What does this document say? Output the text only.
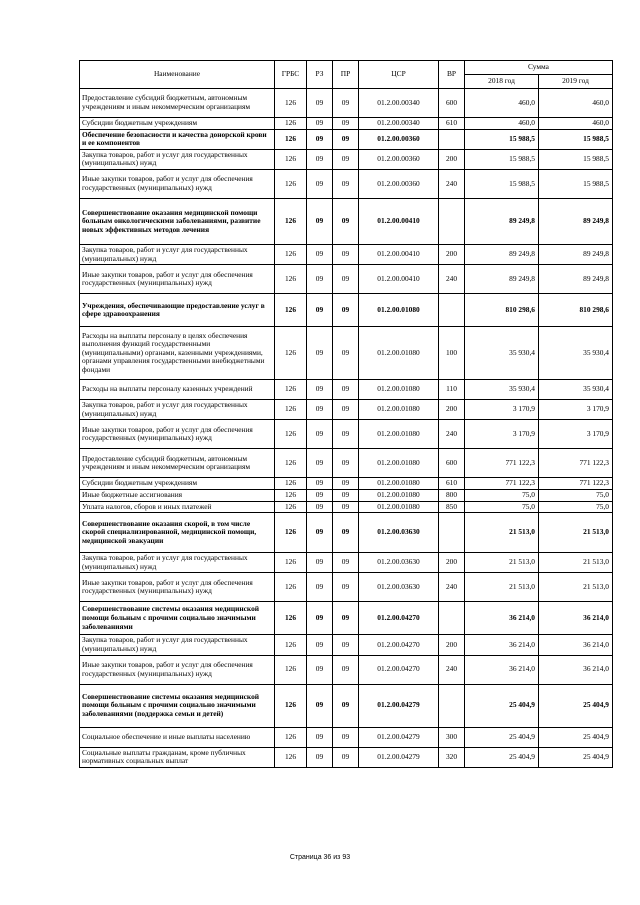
Наименование	ГРБС	РЗ	ПР	ЦСР	ВР	Сумма	
						2018 год	2019 год
Предоставление субсидий бюджетным, автономным учреждениям и иным некоммерческим организациям	126	09	09	01.2.00.00340	600	460,0	460,0
Субсидии бюджетным учреждениям	126	09	09	01.2.00.00340	610	460,0	460,0
Обеспечение безопасности и качества донорской крови и ее компонентов	126	09	09	01.2.00.00360		15 988,5	15 988,5
Закупка товаров, работ и услуг для государственных (муниципальных) нужд	126	09	09	01.2.00.00360	200	15 988,5	15 988,5
Иные закупки товаров, работ и услуг для обеспечения государственных (муниципальных) нужд	126	09	09	01.2.00.00360	240	15 988,5	15 988,5
Совершенствование оказания медицинской помощи больным онкологическими заболеваниями, развитие новых эффективных методов лечения	126	09	09	01.2.00.00410		89 249,8	89 249,8
Закупка товаров, работ и услуг для государственных (муниципальных) нужд	126	09	09	01.2.00.00410	200	89 249,8	89 249,8
Иные закупки товаров, работ и услуг для обеспечения государственных (муниципальных) нужд	126	09	09	01.2.00.00410	240	89 249,8	89 249,8
Учреждения, обеспечивающие предоставление услуг в сфере здравоохранения	126	09	09	01.2.00.01080		810 298,6	810 298,6
Расходы на выплаты персоналу в целях обеспечения выполнения функций государственными (муниципальными) органами, казенными учреждениями, органами управления государственными внебюджетными фондами	126	09	09	01.2.00.01080	100	35 930,4	35 930,4
Расходы на выплаты персоналу казенных учреждений	126	09	09	01.2.00.01080	110	35 930,4	35 930,4
Закупка товаров, работ и услуг для государственных (муниципальных) нужд	126	09	09	01.2.00.01080	200	3 170,9	3 170,9
Иные закупки товаров, работ и услуг для обеспечения государственных (муниципальных) нужд	126	09	09	01.2.00.01080	240	3 170,9	3 170,9
Предоставление субсидий бюджетным, автономным учреждениям и иным некоммерческим организациям	126	09	09	01.2.00.01080	600	771 122,3	771 122,3
Субсидии бюджетным учреждениям	126	09	09	01.2.00.01080	610	771 122,3	771 122,3
Иные бюджетные ассигнования	126	09	09	01.2.00.01080	800	75,0	75,0
Уплата налогов, сборов и иных платежей	126	09	09	01.2.00.01080	850	75,0	75,0
Совершенствование оказания скорой, в том числе скорой специализированной, медицинской помощи, медицинской эвакуации	126	09	09	01.2.00.03630		21 513,0	21 513,0
Закупка товаров, работ и услуг для государственных (муниципальных) нужд	126	09	09	01.2.00.03630	200	21 513,0	21 513,0
Иные закупки товаров, работ и услуг для обеспечения государственных (муниципальных) нужд	126	09	09	01.2.00.03630	240	21 513,0	21 513,0
Совершенствование системы оказания медицинской помощи больным с прочими социально значимыми заболеваниями	126	09	09	01.2.00.04270		36 214,0	36 214,0
Закупка товаров, работ и услуг для государственных (муниципальных) нужд	126	09	09	01.2.00.04270	200	36 214,0	36 214,0
Иные закупки товаров, работ и услуг для обеспечения государственных (муниципальных) нужд	126	09	09	01.2.00.04270	240	36 214,0	36 214,0
Совершенствование системы оказания медицинской помощи больным с прочими социально значимыми заболеваниями (поддержка семьи и детей)	126	09	09	01.2.00.04279		25 404,9	25 404,9
Социальное обеспечение и иные выплаты населению	126	09	09	01.2.00.04279	300	25 404,9	25 404,9
Социальные выплаты гражданам, кроме публичных нормативных социальных выплат	126	09	09	01.2.00.04279	320	25 404,9	25 404,9
Страница 36 из 93
